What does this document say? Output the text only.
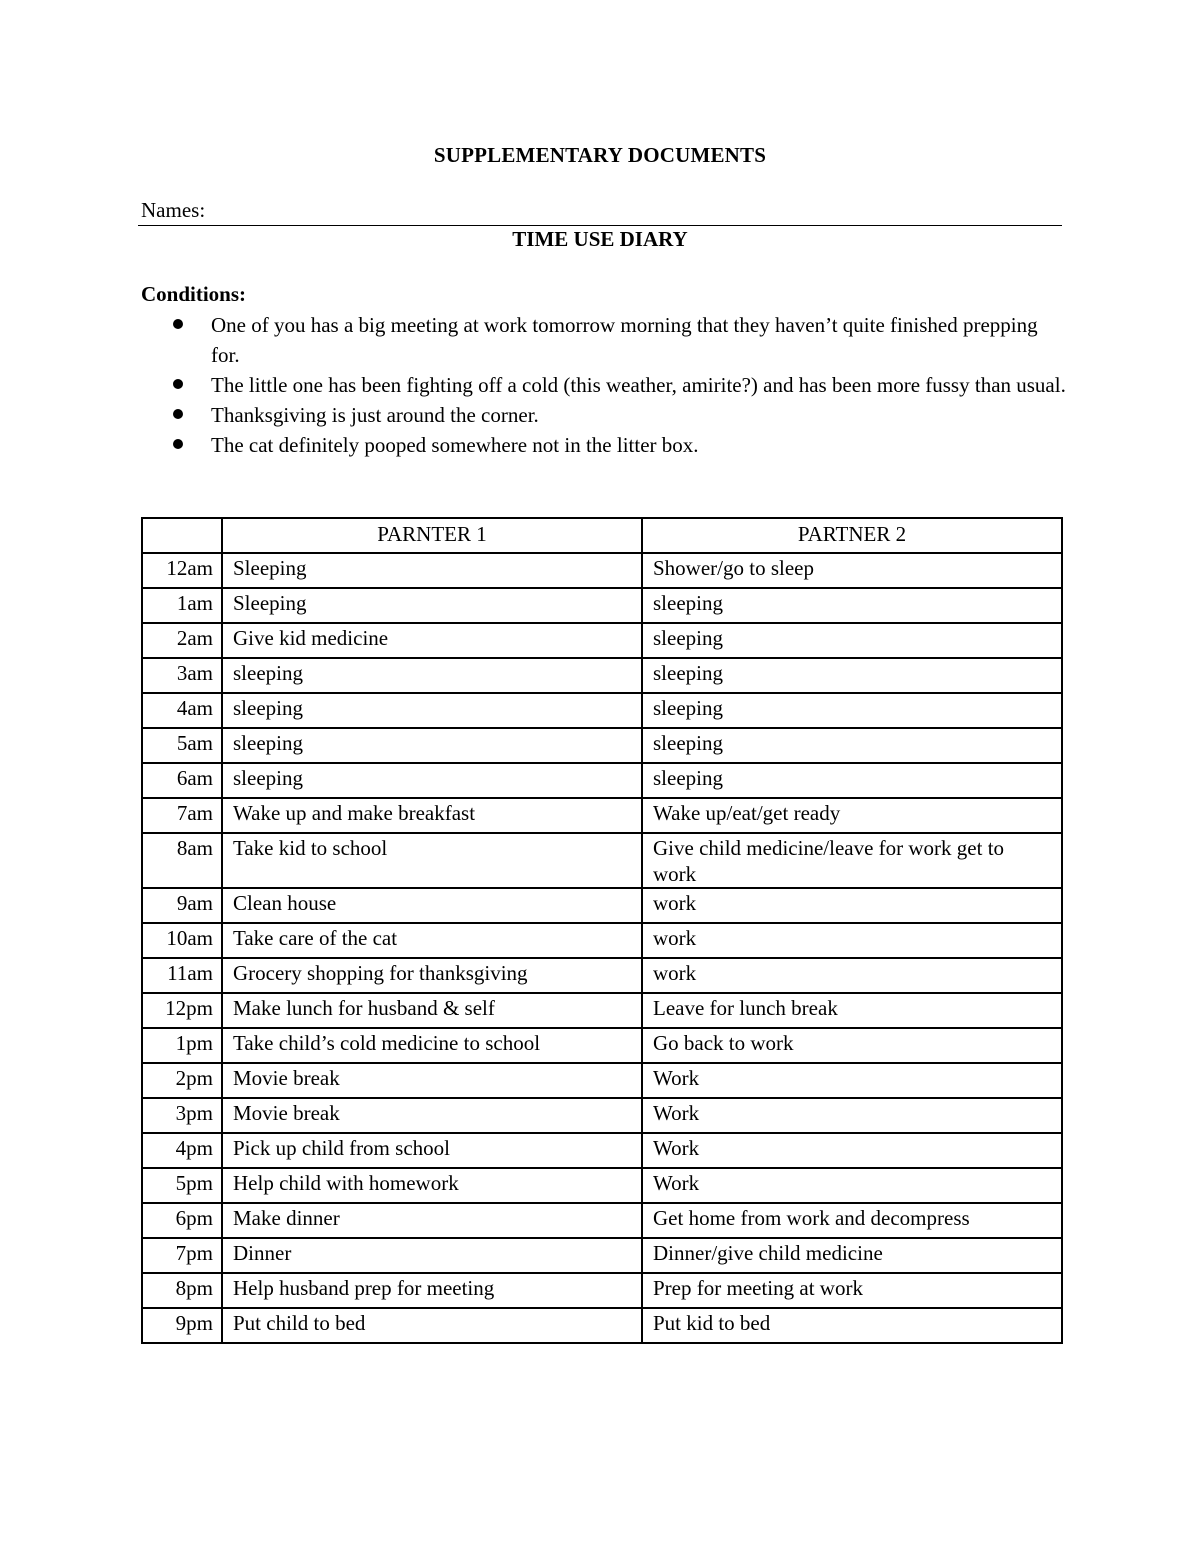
SUPPLEMENTARY DOCUMENTS
Names:
TIME USE DIARY
Conditions:
One of you has a big meeting at work tomorrow morning that they haven’t quite finished prepping for.
The little one has been fighting off a cold (this weather, amirite?) and has been more fussy than usual.
Thanksgiving is just around the corner.
The cat definitely pooped somewhere not in the litter box.
	PARNTER 1	PARTNER 2
12am	Sleeping	Shower/go to sleep
1am	Sleeping	sleeping
2am	Give kid medicine	sleeping
3am	sleeping	sleeping
4am	sleeping	sleeping
5am	sleeping	sleeping
6am	sleeping	sleeping
7am	Wake up and make breakfast	Wake up/eat/get ready
8am	Take kid to school	Give child medicine/leave for work get to work
9am	Clean house	work
10am	Take care of the cat	work
11am	Grocery shopping for thanksgiving	work
12pm	Make lunch for husband & self	Leave for lunch break
1pm	Take child’s cold medicine to school	Go back to work
2pm	Movie break	Work
3pm	Movie break	Work
4pm	Pick up child from school	Work
5pm	Help child with homework	Work
6pm	Make dinner	Get home from work and decompress
7pm	Dinner	Dinner/give child medicine
8pm	Help husband prep for meeting	Prep for meeting at work
9pm	Put child to bed	Put kid to bed
